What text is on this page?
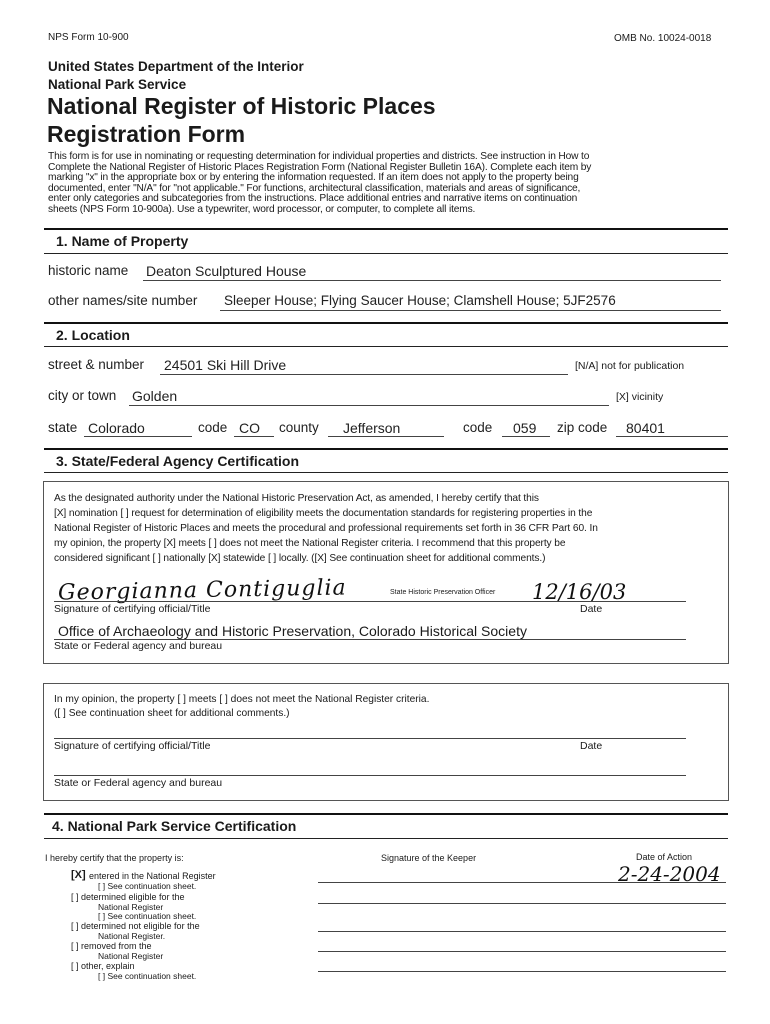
NPS Form 10-900	OMB No. 10024-0018
United States Department of the Interior
National Park Service
National Register of Historic Places
Registration Form
This form is for use in nominating or requesting determination for individual properties and districts. See instruction in How to
Complete the National Register of Historic Places Registration Form (National Register Bulletin 16A). Complete each item by
marking "x" in the appropriate box or by entering the information requested. If an item does not apply to the property being
documented, enter "N/A" for "not applicable." For functions, architectural classification, materials and areas of significance,
enter only categories and subcategories from the instructions. Place additional entries and narrative items on continuation
sheets (NPS Form 10-900a). Use a typewriter, word processor, or computer, to complete all items.
1. Name of Property
historic name Deaton Sculptured House
other names/site number Sleeper House; Flying Saucer House; Clamshell House; 5JF2576
2. Location
street & number 24501 Ski Hill Drive	[N/A] not for publication
city or town Golden	[X] vicinity
state Colorado	code CO county Jefferson	code 059 zip code 80401
3. State/Federal Agency Certification
As the designated authority under the National Historic Preservation Act, as amended, I hereby certify that this
[X] nomination [ ] request for determination of eligibility meets the documentation standards for registering properties in the
National Register of Historic Places and meets the procedural and professional requirements set forth in 36 CFR Part 60. In
my opinion, the property [X] meets [ ] does not meet the National Register criteria. I recommend that this property be
considered significant [ ] nationally [X] statewide [ ] locally. ([X] See continuation sheet for additional comments.)
Georgianna Contiguglia	State Historic Preservation Officer 12/16/03
Signature of certifying official/Title	Date
Office of Archaeology and Historic Preservation, Colorado Historical Society
State or Federal agency and bureau
In my opinion, the property [ ] meets [ ] does not meet the National Register criteria.
([ ] See continuation sheet for additional comments.)
Signature of certifying official/Title	Date
State or Federal agency and bureau
4. National Park Service Certification
I hereby certify that the property is:	Signature of the Keeper	Date of Action
2-24-2004
[X] entered in the National Register
[ ] See continuation sheet.
[ ] determined eligible for the
National Register
[ ] See continuation sheet.
[ ] determined not eligible for the
National Register.
[ ] removed from the
National Register
[ ] other, explain
[ ] See continuation sheet.
